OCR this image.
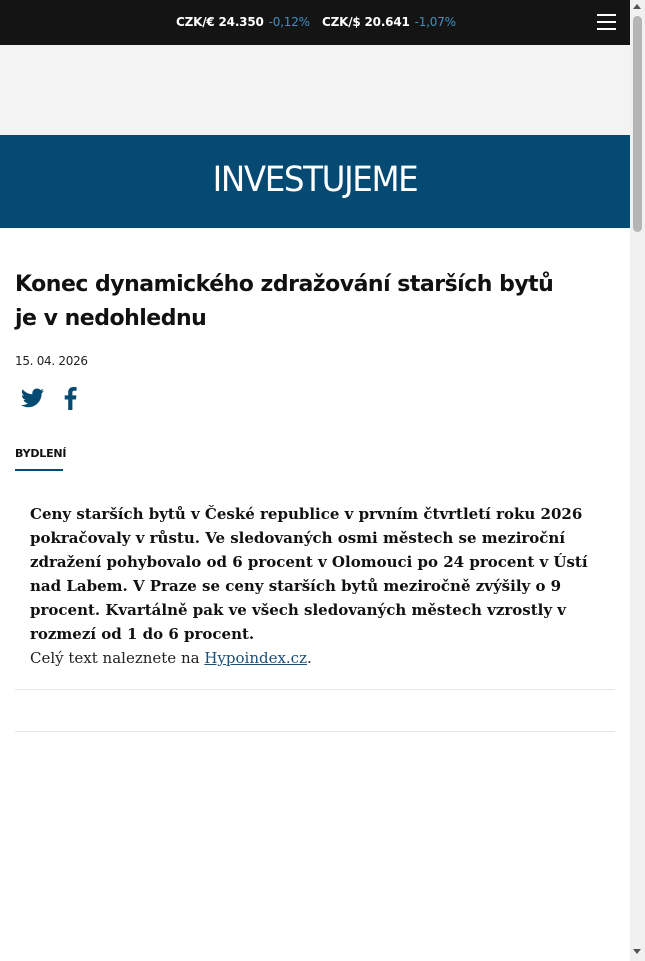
CZK/€ 24.350 -0,12% CZK/$ 20.641 -1,07%
INVESTUJEME
Konec dynamického zdražování starších bytů je v nedohlednu
15. 04. 2026
BYDLENÍ

Ceny starších bytů v České republice v prvním čtvrtletí roku 2026 pokračovaly v růstu. Ve sledovaných osmi městech se meziroční zdražení pohybovalo od 6 procent v Olomouci po 24 procent v Ústí nad Labem. V Praze se ceny starších bytů meziročně zvýšily o 9 procent. Kvartálně pak ve všech sledovaných městech vzrostly v rozmezí od 1 do 6 procent.

Celý text naleznete na Hypoindex.cz.
